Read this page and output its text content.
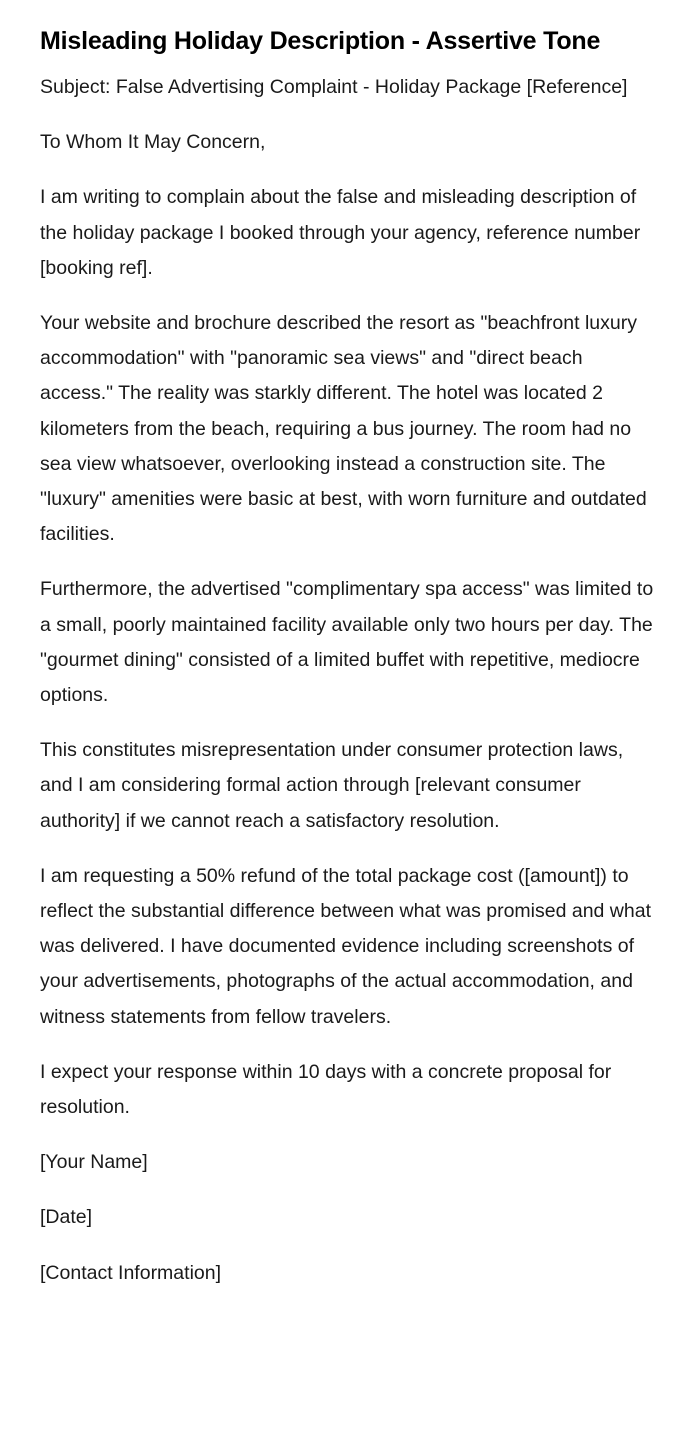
Misleading Holiday Description - Assertive Tone

Subject: False Advertising Complaint - Holiday Package [Reference]

To Whom It May Concern,

I am writing to complain about the false and misleading description of the holiday package I booked through your agency, reference number [booking ref].

Your website and brochure described the resort as "beachfront luxury accommodation" with "panoramic sea views" and "direct beach access." The reality was starkly different. The hotel was located 2 kilometers from the beach, requiring a bus journey. The room had no sea view whatsoever, overlooking instead a construction site. The "luxury" amenities were basic at best, with worn furniture and outdated facilities.

Furthermore, the advertised "complimentary spa access" was limited to a small, poorly maintained facility available only two hours per day. The "gourmet dining" consisted of a limited buffet with repetitive, mediocre options.

This constitutes misrepresentation under consumer protection laws, and I am considering formal action through [relevant consumer authority] if we cannot reach a satisfactory resolution.

I am requesting a 50% refund of the total package cost ([amount]) to reflect the substantial difference between what was promised and what was delivered. I have documented evidence including screenshots of your advertisements, photographs of the actual accommodation, and witness statements from fellow travelers.

I expect your response within 10 days with a concrete proposal for resolution.

[Your Name]

[Date]

[Contact Information]
